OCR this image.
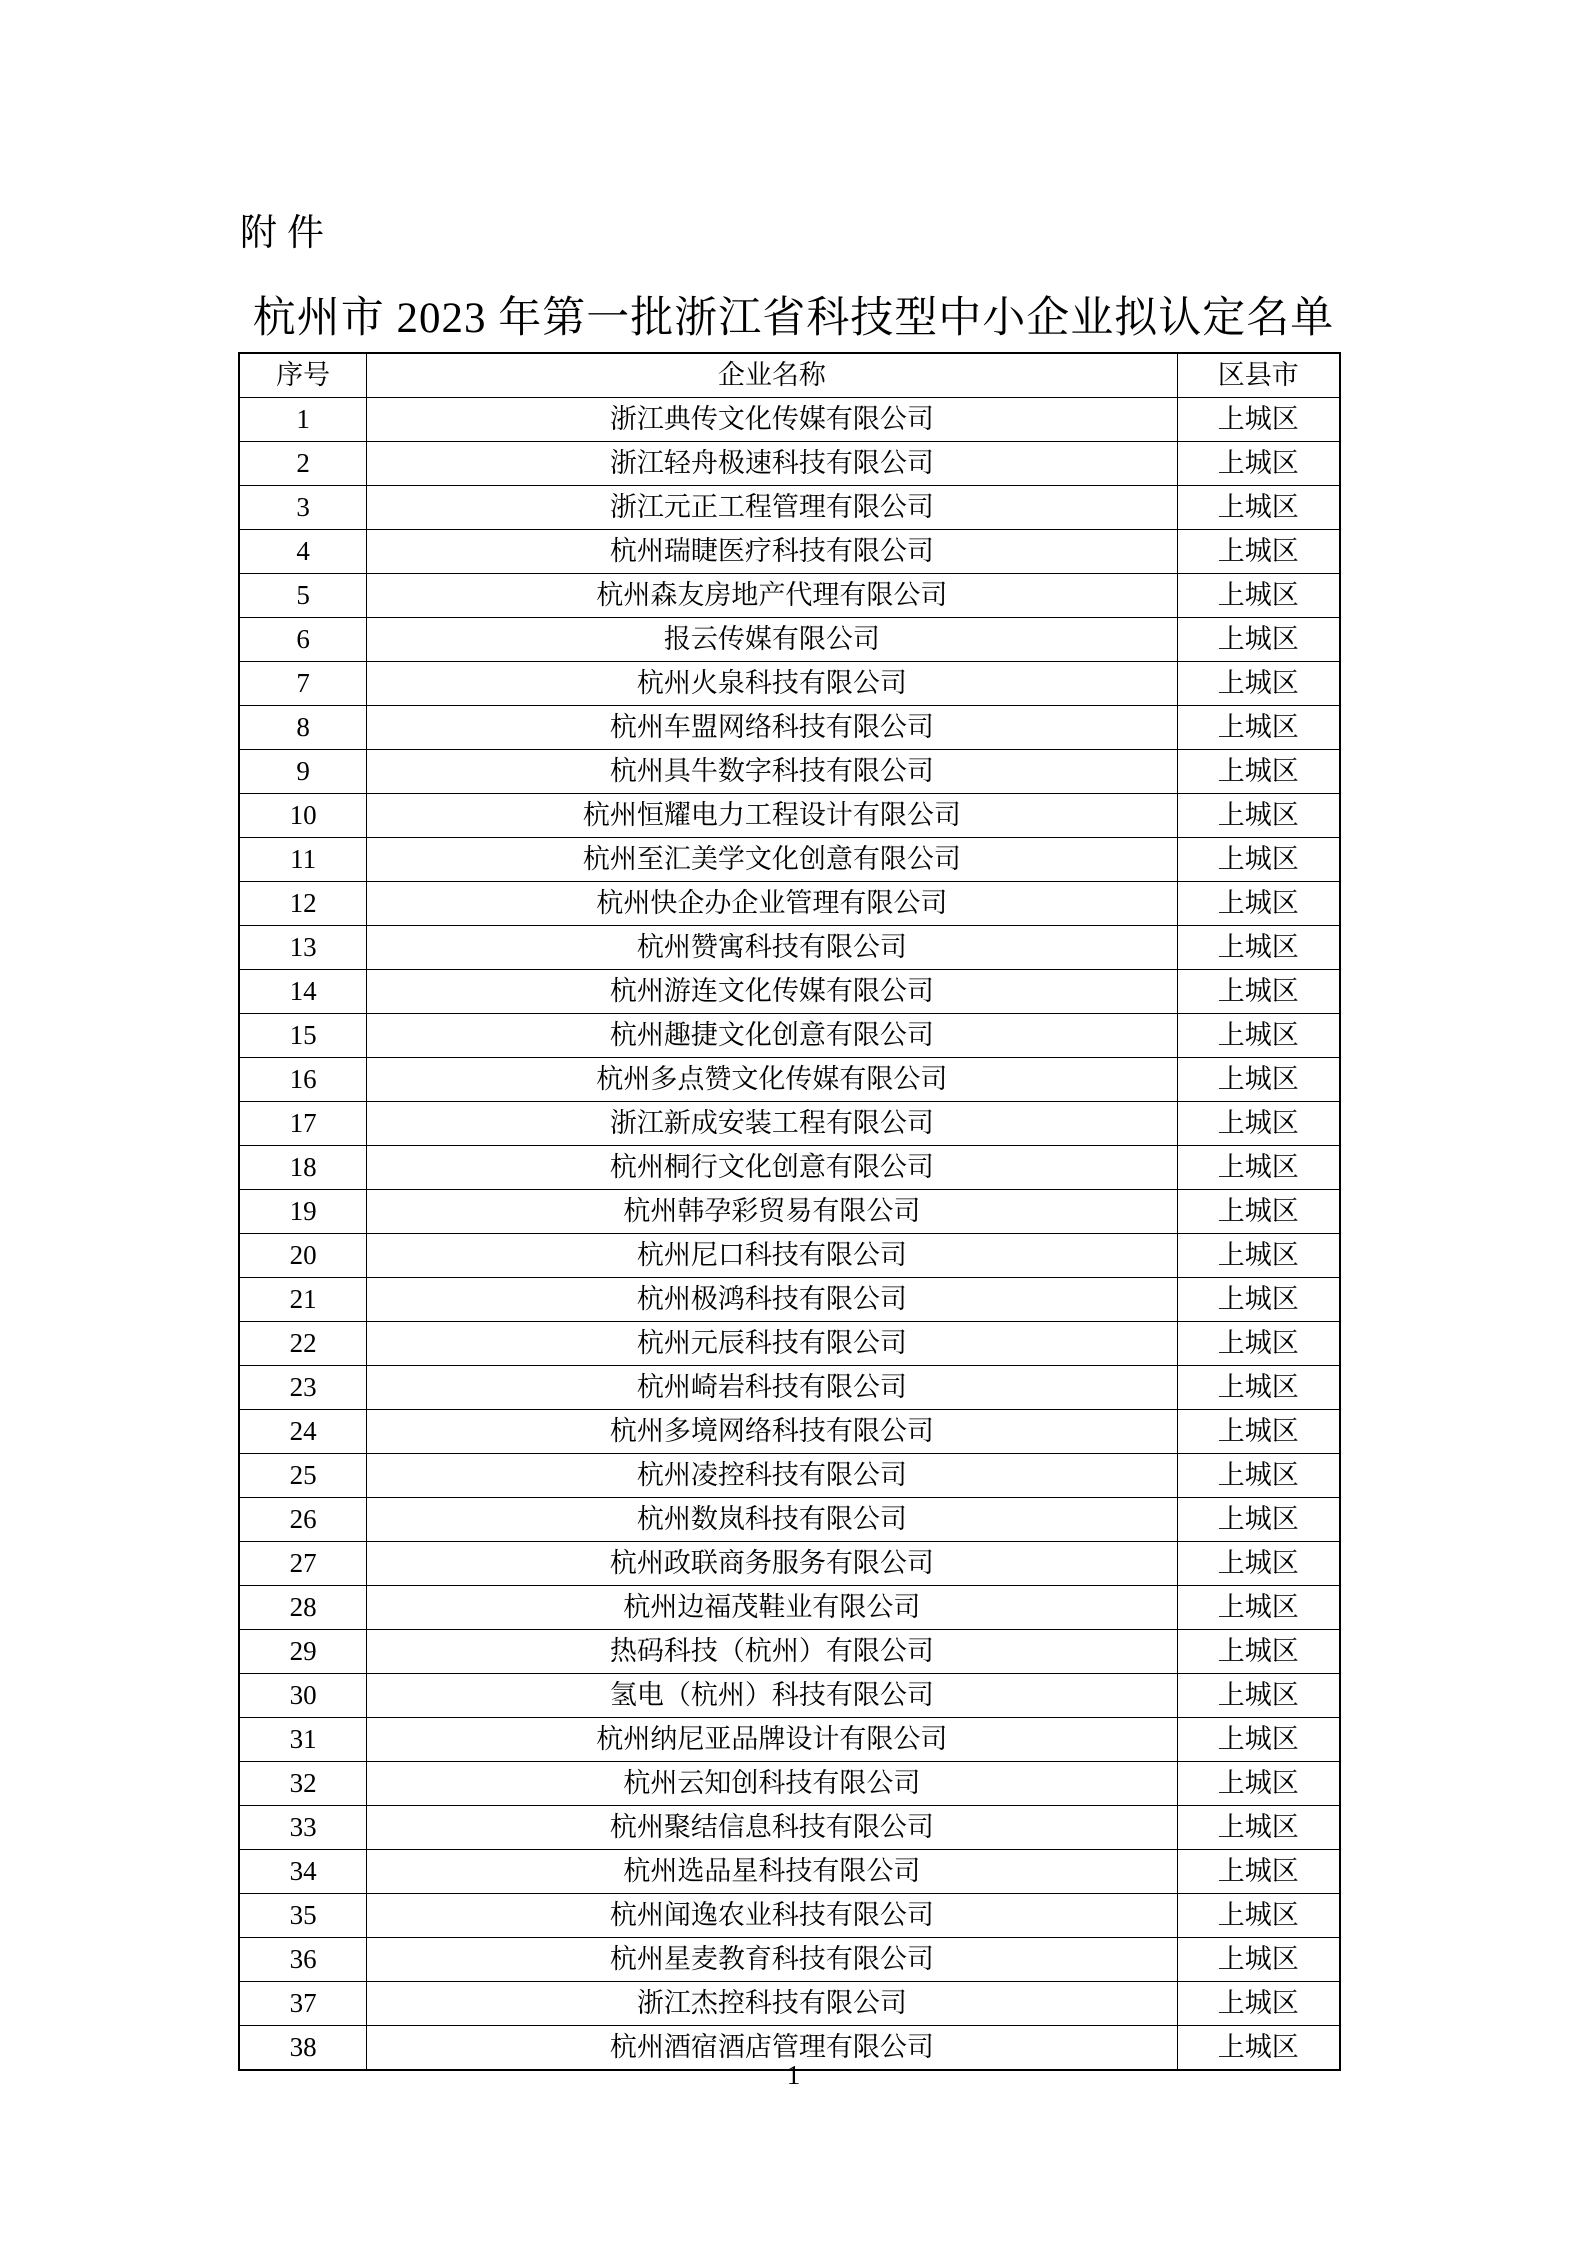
附件
杭州市 2023 年第一批浙江省科技型中小企业拟认定名单
序号	企业名称	区县市
1	浙江典传文化传媒有限公司	上城区
2	浙江轻舟极速科技有限公司	上城区
3	浙江元正工程管理有限公司	上城区
4	杭州瑞睫医疗科技有限公司	上城区
5	杭州森友房地产代理有限公司	上城区
6	报云传媒有限公司	上城区
7	杭州火泉科技有限公司	上城区
8	杭州车盟网络科技有限公司	上城区
9	杭州具牛数字科技有限公司	上城区
10	杭州恒耀电力工程设计有限公司	上城区
11	杭州至汇美学文化创意有限公司	上城区
12	杭州快企办企业管理有限公司	上城区
13	杭州赞寓科技有限公司	上城区
14	杭州游连文化传媒有限公司	上城区
15	杭州趣捷文化创意有限公司	上城区
16	杭州多点赞文化传媒有限公司	上城区
17	浙江新成安装工程有限公司	上城区
18	杭州桐行文化创意有限公司	上城区
19	杭州韩孕彩贸易有限公司	上城区
20	杭州尼口科技有限公司	上城区
21	杭州极鸿科技有限公司	上城区
22	杭州元辰科技有限公司	上城区
23	杭州崎岩科技有限公司	上城区
24	杭州多境网络科技有限公司	上城区
25	杭州凌控科技有限公司	上城区
26	杭州数岚科技有限公司	上城区
27	杭州政联商务服务有限公司	上城区
28	杭州边福茂鞋业有限公司	上城区
29	热码科技（杭州）有限公司	上城区
30	氢电（杭州）科技有限公司	上城区
31	杭州纳尼亚品牌设计有限公司	上城区
32	杭州云知创科技有限公司	上城区
33	杭州聚结信息科技有限公司	上城区
34	杭州选品星科技有限公司	上城区
35	杭州闻逸农业科技有限公司	上城区
36	杭州星麦教育科技有限公司	上城区
37	浙江杰控科技有限公司	上城区
38	杭州酒宿酒店管理有限公司	上城区
1
